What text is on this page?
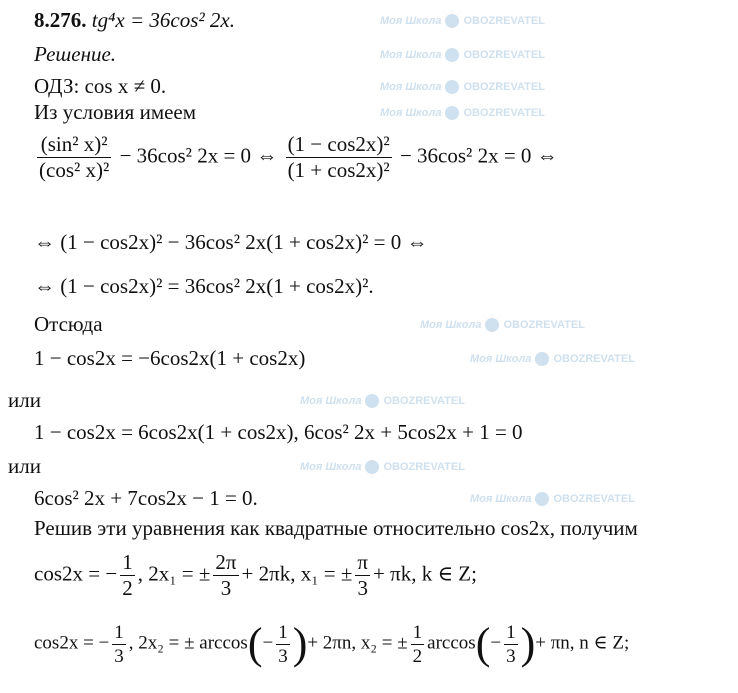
Моя Школа OBOZREVATEL
Моя Школа OBOZREVATEL
Моя Школа OBOZREVATEL
Моя Школа OBOZREVATEL
Моя Школа OBOZREVATEL
Моя Школа OBOZREVATEL
Моя Школа OBOZREVATEL
Моя Школа OBOZREVATEL
Моя Школа OBOZREVATEL
8.276. tg⁴x = 36cos² 2x.
Решение.
ОДЗ: cos x ≠ 0.
Из условия имеем
$\frac{\text{(sin² x)²}}{\text{(cos² x)²}} - 36\cos^2$ 2x = 0 ⇔ $\frac{\text{(1 − cos2x)²}}{\text{(1 + cos2x)²}} - 36\cos^2$ 2x = 0 ⇔
⇔ (1 − cos2x)² − 36cos² 2x(1 + cos2x)² = 0 ⇔
⇔ (1 − cos2x)² = 36cos² 2x(1 + cos2x)².
Отсюда
1 − cos2x = −6cos2x(1 + cos2x)
или
1 − cos2x = 6cos2x(1 + cos2x), 6cos² 2x + 5cos2x + 1 = 0
или
6cos² 2x + 7cos2x − 1 = 0.
Решив эти уравнения как квадратные относительно cos2x, получим
cos2x = − $\frac{1}{2}$ , 2x₁ = ± $\frac{2\pi}{3} + 2\pi k$, x₁ = ± $\frac{\pi}{3} + \pi k$, k ∈ Z;
cos2x = − $\frac{1}{3}$ , 2x₂ = ± $\arccos(- \frac{1}{3}$ )+ 2πn, x₂ = ± $\frac{1}{2} \arccos(- \frac{1}{3}$ )+ πn, n ∈ Z;
